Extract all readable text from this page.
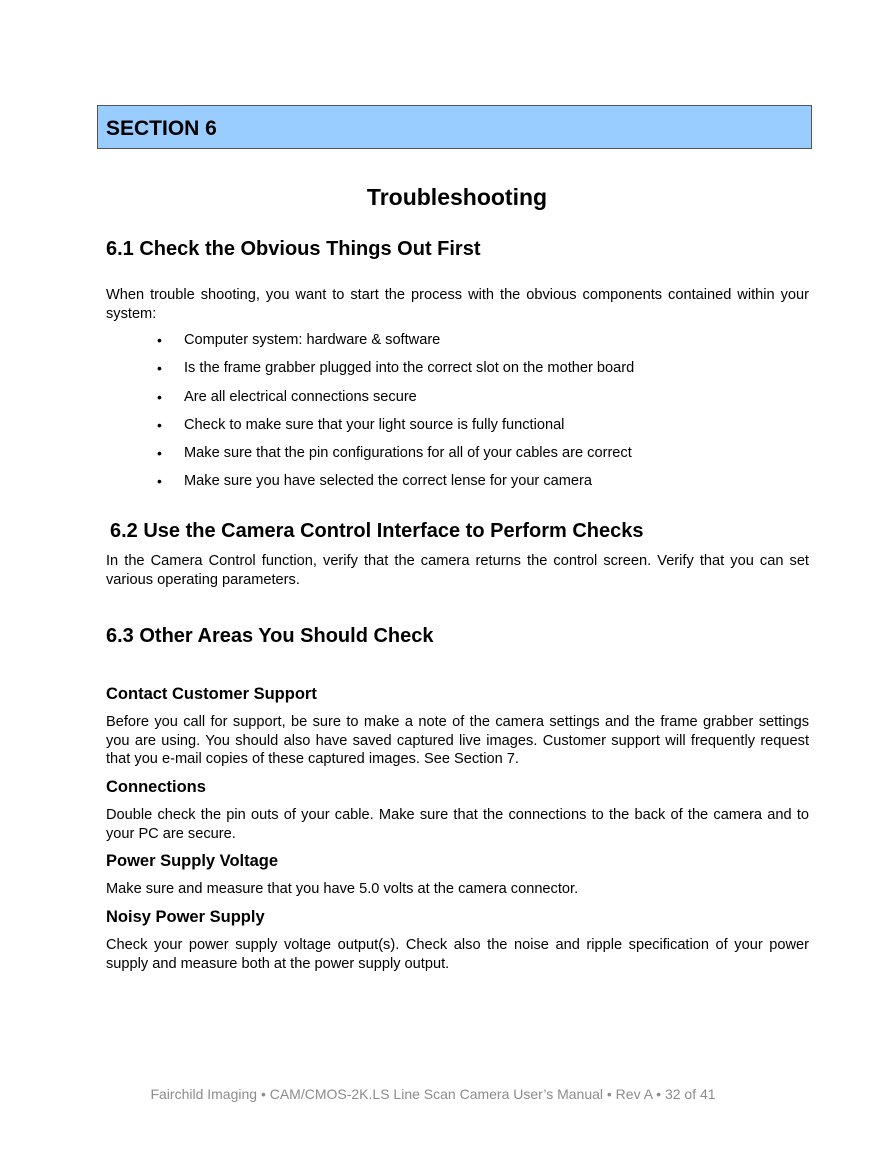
SECTION 6
Troubleshooting
6.1 Check the Obvious Things Out First
When trouble shooting, you want to start the process with the obvious components contained within your system:
• Computer system: hardware & software
• Is the frame grabber plugged into the correct slot on the mother board
• Are all electrical connections secure
• Check to make sure that your light source is fully functional
• Make sure that the pin configurations for all of your cables are correct
• Make sure you have selected the correct lense for your camera
6.2 Use the Camera Control Interface to Perform Checks
In the Camera Control function, verify that the camera returns the control screen. Verify that you can set various operating parameters.
6.3 Other Areas You Should Check
Contact Customer Support
Before you call for support, be sure to make a note of the camera settings and the frame grabber settings you are using. You should also have saved captured live images. Customer support will frequently request that you e-mail copies of these captured images. See Section 7.
Connections
Double check the pin outs of your cable. Make sure that the connections to the back of the camera and to your PC are secure.
Power Supply Voltage
Make sure and measure that you have 5.0 volts at the camera connector.
Noisy Power Supply
Check your power supply voltage output(s). Check also the noise and ripple specification of your power supply and measure both at the power supply output.
Fairchild Imaging • CAM/CMOS-2K.LS Line Scan Camera User’s Manual • Rev A • 32 of 41
